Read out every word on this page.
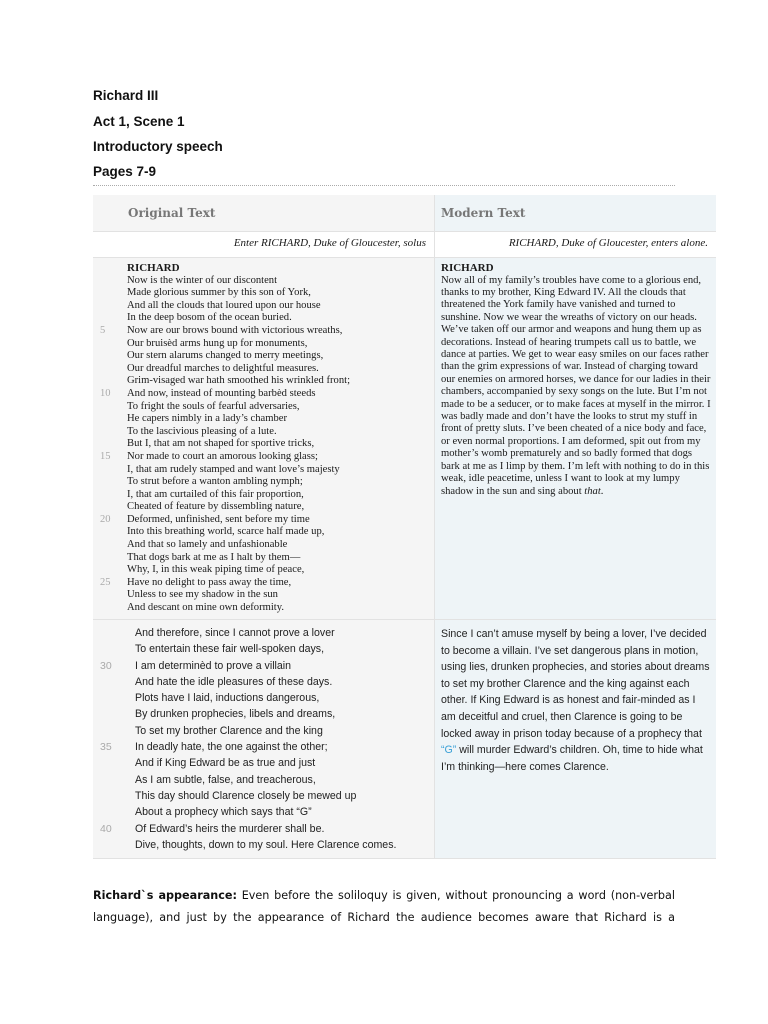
Richard III
Act 1, Scene 1
Introductory speech
Pages 7-9
Original Text	Modern Text
Enter RICHARD, Duke of Gloucester, solus	RICHARD, Duke of Gloucester, enters alone.
RICHARD
Now is the winter of our discontent
Made glorious summer by this son of York,
And all the clouds that loured upon our house
In the deep bosom of the ocean buried.
5 Now are our brows bound with victorious wreaths,
Our bruisèd arms hung up for monuments,
Our stern alarums changed to merry meetings,
Our dreadful marches to delightful measures.
Grim-visaged war hath smoothed his wrinkled front;
10 And now, instead of mounting barbèd steeds
To fright the souls of fearful adversaries,
He capers nimbly in a lady’s chamber
To the lascivious pleasing of a lute.
But I, that am not shaped for sportive tricks,
15 Nor made to court an amorous looking glass;
I, that am rudely stamped and want love’s majesty
To strut before a wanton ambling nymph;
I, that am curtailed of this fair proportion,
Cheated of feature by dissembling nature,
20 Deformed, unfinished, sent before my time
Into this breathing world, scarce half made up,
And that so lamely and unfashionable
That dogs bark at me as I halt by them—
Why, I, in this weak piping time of peace,
25 Have no delight to pass away the time,
Unless to see my shadow in the sun
And descant on mine own deformity.
RICHARD
Now all of my family’s troubles have come to a glorious end, thanks to my brother, King Edward IV. All the clouds that threatened the York family have vanished and turned to sunshine. Now we wear the wreaths of victory on our heads. We’ve taken off our armor and weapons and hung them up as decorations. Instead of hearing trumpets call us to battle, we dance at parties. We get to wear easy smiles on our faces rather than the grim expressions of war. Instead of charging toward our enemies on armored horses, we dance for our ladies in their chambers, accompanied by sexy songs on the lute. But I’m not made to be a seducer, or to make faces at myself in the mirror. I was badly made and don’t have the looks to strut my stuff in front of pretty sluts. I’ve been cheated of a nice body and face, or even normal proportions. I am deformed, spit out from my mother’s womb prematurely and so badly formed that dogs bark at me as I limp by them. I’m left with nothing to do in this weak, idle peacetime, unless I want to look at my lumpy shadow in the sun and sing about that.
And therefore, since I cannot prove a lover
To entertain these fair well-spoken days,
30 I am determinèd to prove a villain
And hate the idle pleasures of these days.
Plots have I laid, inductions dangerous,
By drunken prophecies, libels and dreams,
To set my brother Clarence and the king
35 In deadly hate, the one against the other;
And if King Edward be as true and just
As I am subtle, false, and treacherous,
This day should Clarence closely be mewed up
About a prophecy which says that “G”
40 Of Edward’s heirs the murderer shall be.
Dive, thoughts, down to my soul. Here Clarence comes.
Since I can’t amuse myself by being a lover, I’ve decided to become a villain. I’ve set dangerous plans in motion, using lies, drunken prophecies, and stories about dreams to set my brother Clarence and the king against each other. If King Edward is as honest and fair-minded as I am deceitful and cruel, then Clarence is going to be locked away in prison today because of a prophecy that “G” will murder Edward’s children. Oh, time to hide what I’m thinking—here comes Clarence.
Richard`s appearance: Even before the soliloquy is given, without pronouncing a word (non-verbal language), and just by the appearance of Richard the audience becomes aware that Richard is a
